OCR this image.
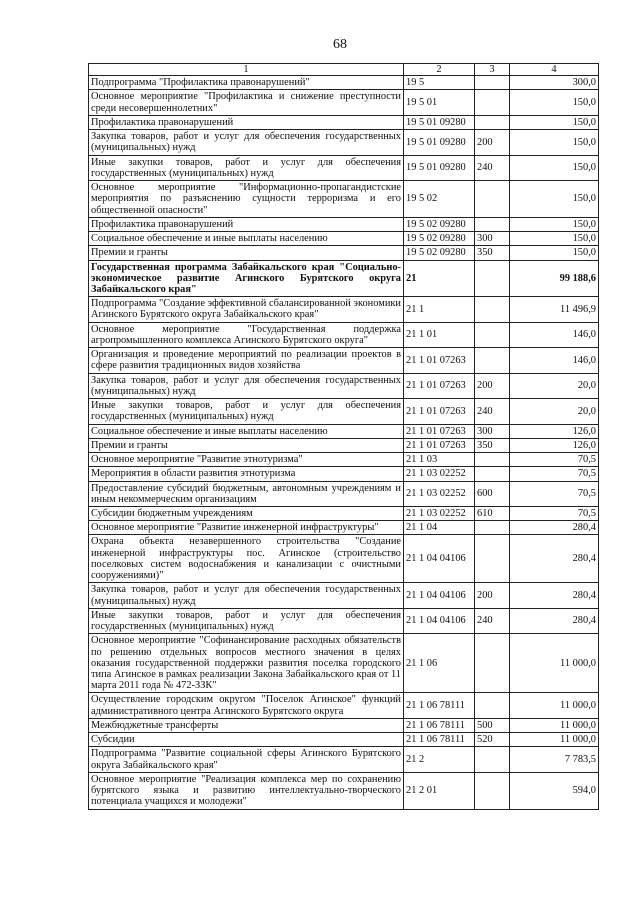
68
1	2	3	4
Подпрограмма "Профилактика правонарушений"	19 5		300,0
Основное мероприятие "Профилактика и снижение преступности среди несовершеннолетних"	19 5 01		150,0
Профилактика правонарушений	19 5 01 09280		150,0
Закупка товаров, работ и услуг для обеспечения государственных (муниципальных) нужд	19 5 01 09280	200	150,0
Иные закупки товаров, работ и услуг для обеспечения государственных (муниципальных) нужд	19 5 01 09280	240	150,0
Основное мероприятие "Информационно-пропагандистские мероприятия по разъяснению сущности терроризма и его общественной опасности"	19 5 02		150,0
Профилактика правонарушений	19 5 02 09280		150,0
Социальное обеспечение и иные выплаты населению	19 5 02 09280	300	150,0
Премии и гранты	19 5 02 09280	350	150,0
Государственная программа Забайкальского края "Социально-экономическое развитие Агинского Бурятского округа Забайкальского края"	21		99 188,6
Подпрограмма "Создание эффективной сбалансированной экономики Агинского Бурятского округа Забайкальского края"	21 1		11 496,9
Основное мероприятие "Государственная поддержка агропромышленного комплекса Агинского Бурятского округа"	21 1 01		146,0
Организация и проведение мероприятий по реализации проектов в сфере развития традиционных видов хозяйства	21 1 01 07263		146,0
Закупка товаров, работ и услуг для обеспечения государственных (муниципальных) нужд	21 1 01 07263	200	20,0
Иные закупки товаров, работ и услуг для обеспечения государственных (муниципальных) нужд	21 1 01 07263	240	20,0
Социальное обеспечение и иные выплаты населению	21 1 01 07263	300	126,0
Премии и гранты	21 1 01 07263	350	126,0
Основное мероприятие "Развитие этнотуризма"	21 1 03		70,5
Мероприятия в области развития этнотуризма	21 1 03 02252		70,5
Предоставление субсидий бюджетным, автономным учреждениям и иным некоммерческим организациям	21 1 03 02252	600	70,5
Субсидии бюджетным учреждениям	21 1 03 02252	610	70,5
Основное мероприятие "Развитие инженерной инфраструктуры"	21 1 04		280,4
Охрана объекта незавершенного строительства "Создание инженерной инфраструктуры пос. Агинское (строительство поселковых систем водоснабжения и канализации с очистными сооружениями)"	21 1 04 04106		280,4
Закупка товаров, работ и услуг для обеспечения государственных (муниципальных) нужд	21 1 04 04106	200	280,4
Иные закупки товаров, работ и услуг для обеспечения государственных (муниципальных) нужд	21 1 04 04106	240	280,4
Основное мероприятие "Софинансирование расходных обязательств по решению отдельных вопросов местного значения в целях оказания государственной поддержки развития поселка городского типа Агинское в рамках реализации Закона Забайкальского края от 11 марта 2011 года № 472-ЗЗК"	21 1 06		11 000,0
Осуществление городским округом "Поселок Агинское" функций административного центра Агинского Бурятского округа	21 1 06 78111		11 000,0
Межбюджетные трансферты	21 1 06 78111	500	11 000,0
Субсидии	21 1 06 78111	520	11 000,0
Подпрограмма "Развитие социальной сферы Агинского Бурятского округа Забайкальского края"	21 2		7 783,5
Основное мероприятие "Реализация комплекса мер по сохранению бурятского языка и развитию интеллектуально-творческого потенциала учащихся и молодежи"	21 2 01		594,0
